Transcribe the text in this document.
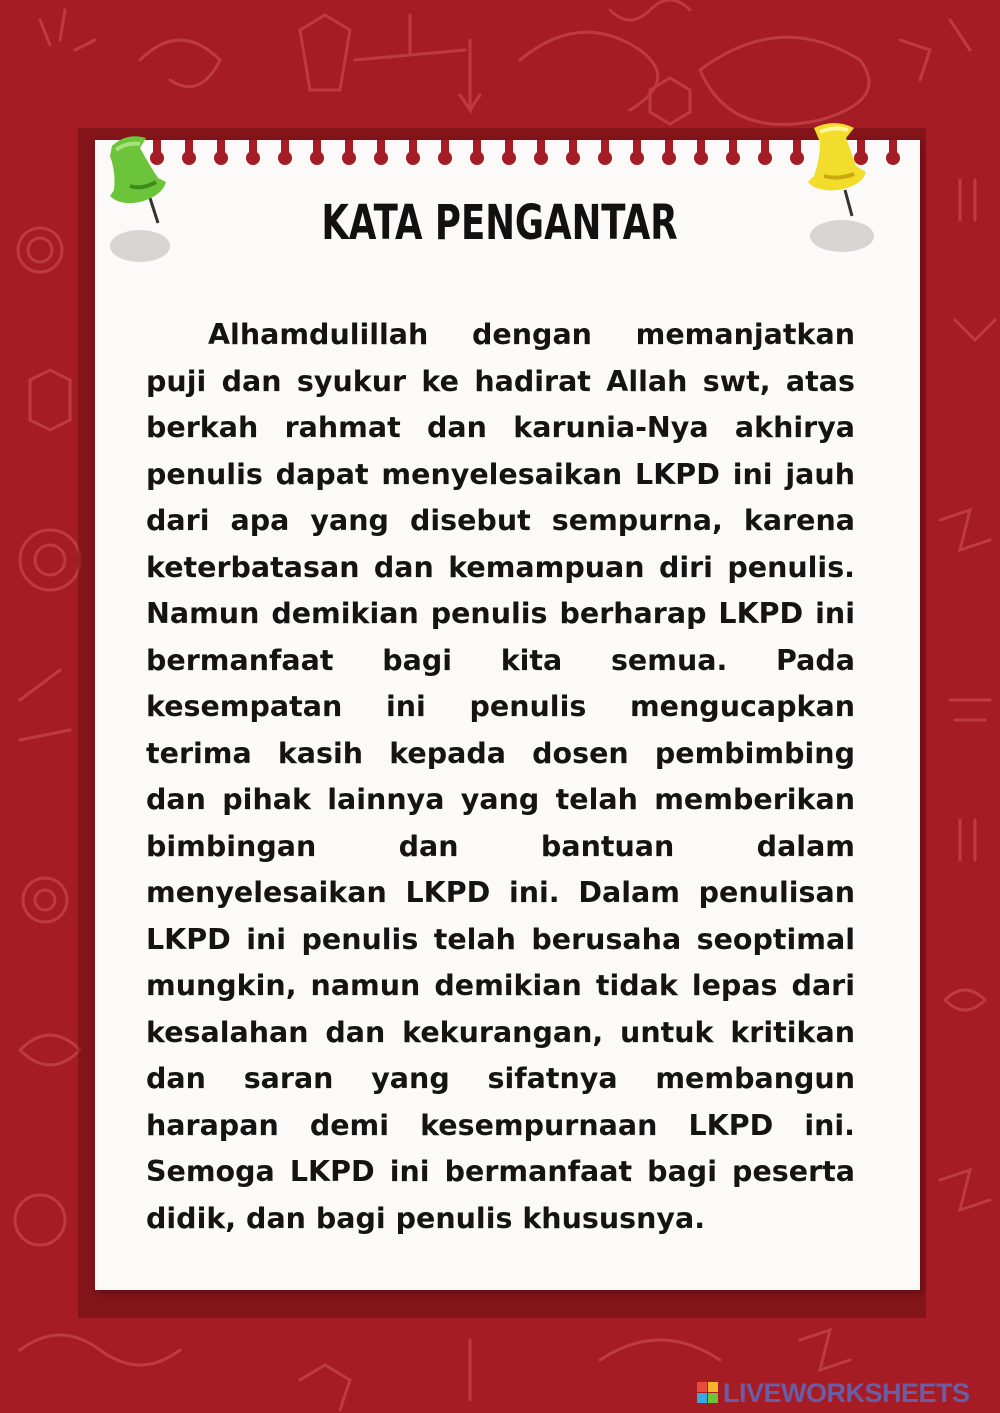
KATA PENGANTAR

Alhamdulillah dengan memanjatkan puji dan syukur ke hadirat Allah swt, atas berkah rahmat dan karunia-Nya akhirya penulis dapat menyelesaikan LKPD ini jauh dari apa yang disebut sempurna, karena keterbatasan dan kemampuan diri penulis. Namun demikian penulis berharap LKPD ini bermanfaat bagi kita semua. Pada kesempatan ini penulis mengucapkan terima kasih kepada dosen pembimbing dan pihak lainnya yang telah memberikan bimbingan dan bantuan dalam menyelesaikan LKPD ini. Dalam penulisan LKPD ini penulis telah berusaha seoptimal mungkin, namun demikian tidak lepas dari kesalahan dan kekurangan, untuk kritikan dan saran yang sifatnya membangun harapan demi kesempurnaan LKPD ini. Semoga LKPD ini bermanfaat bagi peserta didik, dan bagi penulis khususnya.

LIVEWORKSHEETS
